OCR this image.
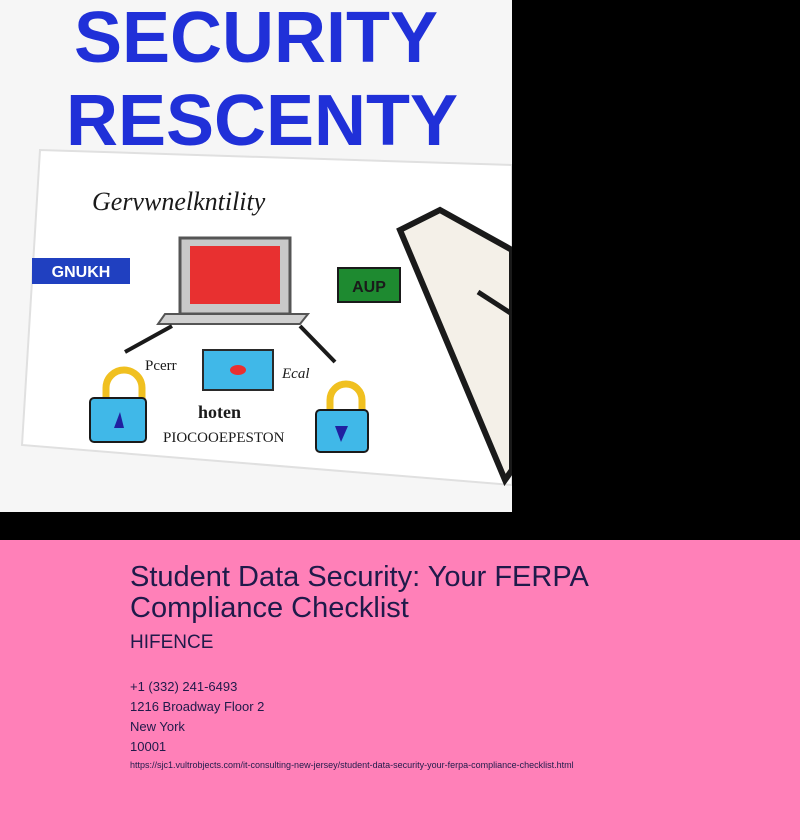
SECURITY
RESCENTY
Gervwnelkntility
GNUKH
AUP
Pcerr	Ecal
hoten
PIOCOOEPESTON
Student Data Security: Your FERPA Compliance Checklist

HIFENCE

+1 (332) 241-6493
1216 Broadway Floor 2
New York
10001
https://sjc1.vultrobjects.com/it-consulting-new-jersey/student-data-security-your-ferpa-compliance-checklist.html
